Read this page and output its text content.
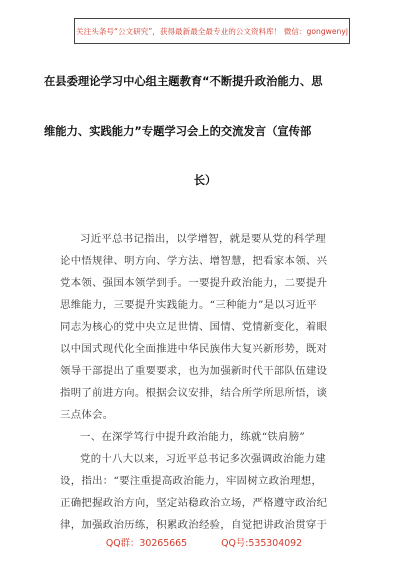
关注头条号“公文研究”，获得最新最全最专业的公文资料库！ 微信：gongwenyj
在县委理论学习中心组主题教育“不断提升政治能力、思
维能力、实践能力”专题学习会上的交流发言（宣传部
长）
习近平总书记指出，以学增智，就是要从党的科学理
论中悟规律、明方向、学方法、增智慧，把看家本领、兴
党本领、强国本领学到手。一要提升政治能力，二要提升
思维能力，三要提升实践能力。“三种能力”是以习近平
同志为核心的党中央立足世情、国情、党情新变化，着眼
以中国式现代化全面推进中华民族伟大复兴新形势，既对
领导干部提出了重要要求，也为加强新时代干部队伍建设
指明了前进方向。根据会议安排，结合所学所思所悟，谈
三点体会。
一、在深学笃行中提升政治能力，练就“铁肩膀”
党的十八大以来，习近平总书记多次强调政治能力建
设，指出：“要注重提高政治能力，牢固树立政治理想，
正确把握政治方向，坚定站稳政治立场，严格遵守政治纪
律，加强政治历练，积累政治经验，自觉把讲政治贯穿于
QQ群：30265665	QQ号:535304092
